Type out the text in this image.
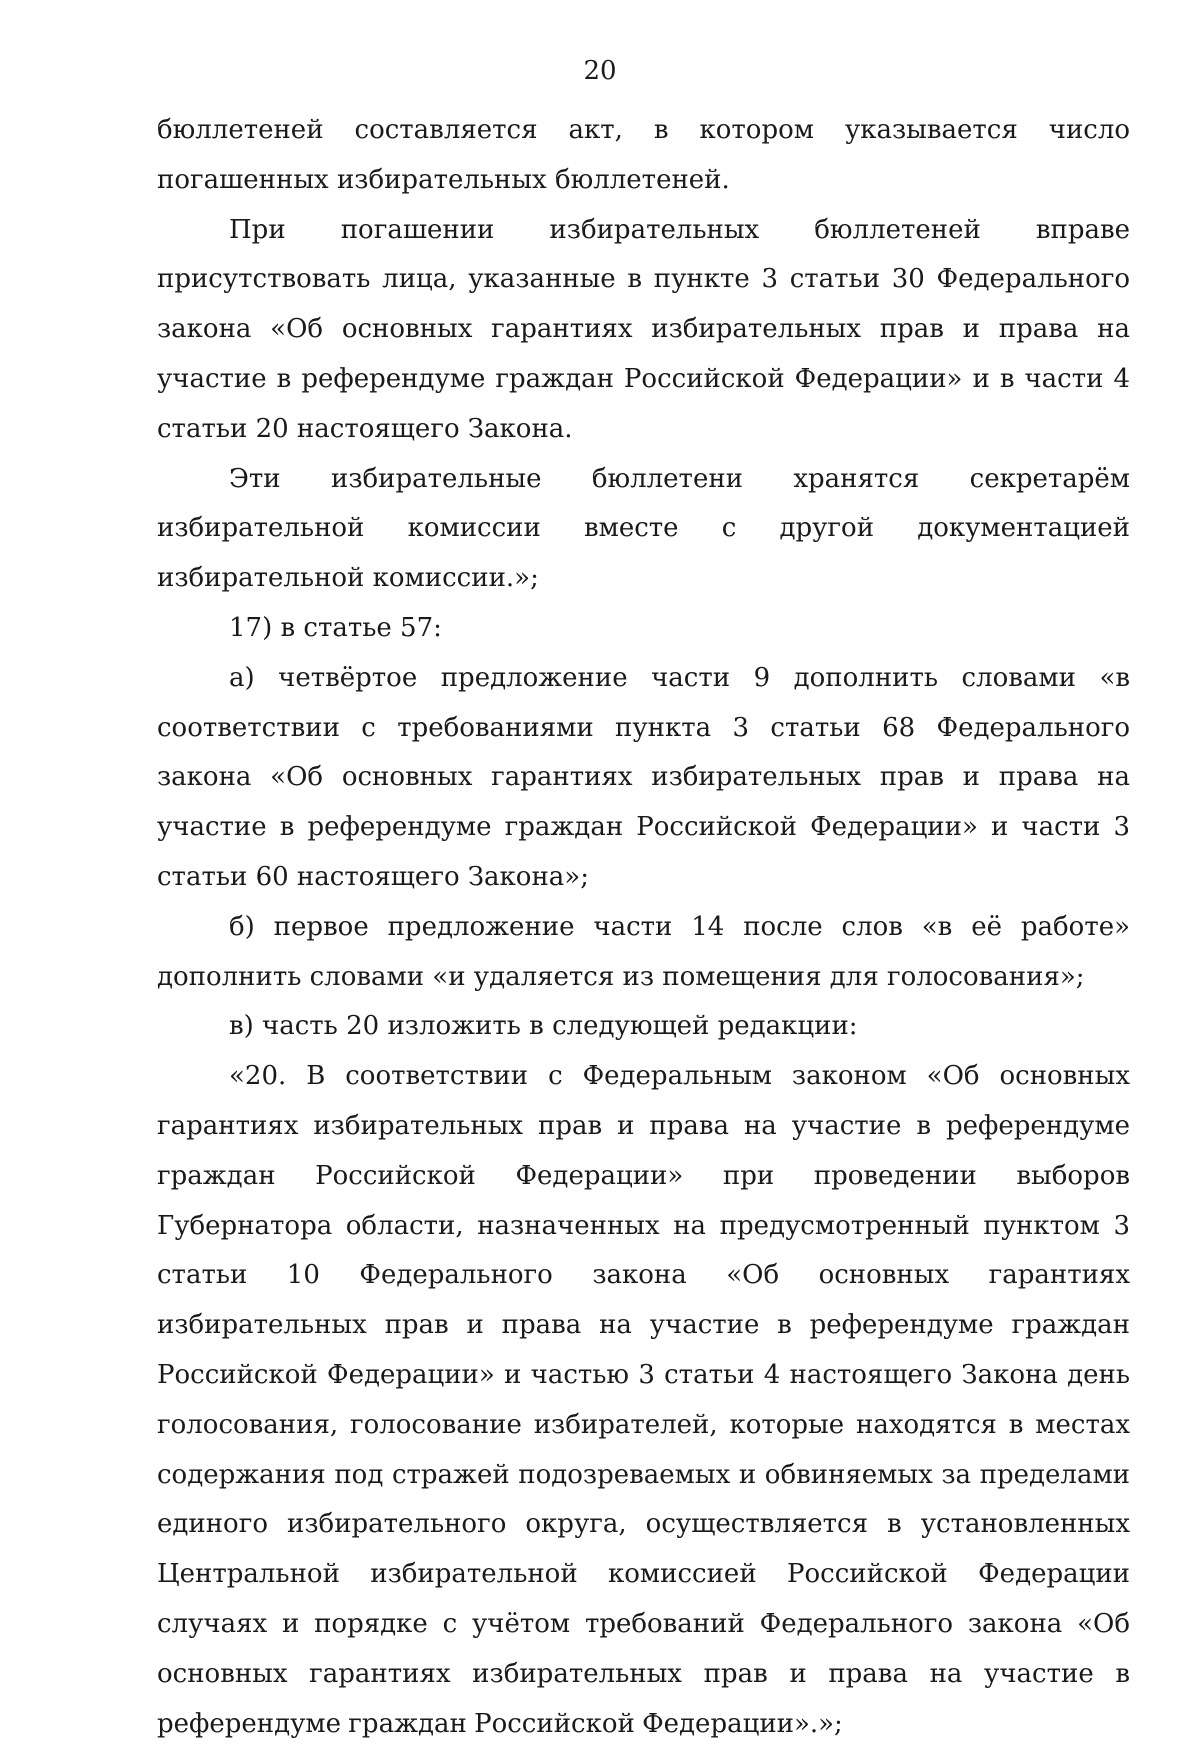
20

бюллетеней составляется акт, в котором указывается число погашенных избирательных бюллетеней.

При погашении избирательных бюллетеней вправе присутствовать лица, указанные в пункте 3 статьи 30 Федерального закона «Об основных гарантиях избирательных прав и права на участие в референдуме граждан Российской Федерации» и в части 4 статьи 20 настоящего Закона.

Эти избирательные бюллетени хранятся секретарём избирательной комиссии вместе с другой документацией избирательной комиссии.»;

17) в статье 57:

а) четвёртое предложение части 9 дополнить словами «в соответствии с требованиями пункта 3 статьи 68 Федерального закона «Об основных гарантиях избирательных прав и права на участие в референдуме граждан Российской Федерации» и части 3 статьи 60 настоящего Закона»;

б) первое предложение части 14 после слов «в её работе» дополнить словами «и удаляется из помещения для голосования»;

в) часть 20 изложить в следующей редакции:

«20. В соответствии с Федеральным законом «Об основных гарантиях избирательных прав и права на участие в референдуме граждан Российской Федерации» при проведении выборов Губернатора области, назначенных на предусмотренный пунктом 3 статьи 10 Федерального закона «Об основных гарантиях избирательных прав и права на участие в референдуме граждан Российской Федерации» и частью 3 статьи 4 настоящего Закона день голосования, голосование избирателей, которые находятся в местах содержания под стражей подозреваемых и обвиняемых за пределами единого избирательного округа, осуществляется в установленных Центральной избирательной комиссией Российской Федерации случаях и порядке с учётом требований Федерального закона «Об основных гарантиях избирательных прав и права на участие в референдуме граждан Российской Федерации».»;
